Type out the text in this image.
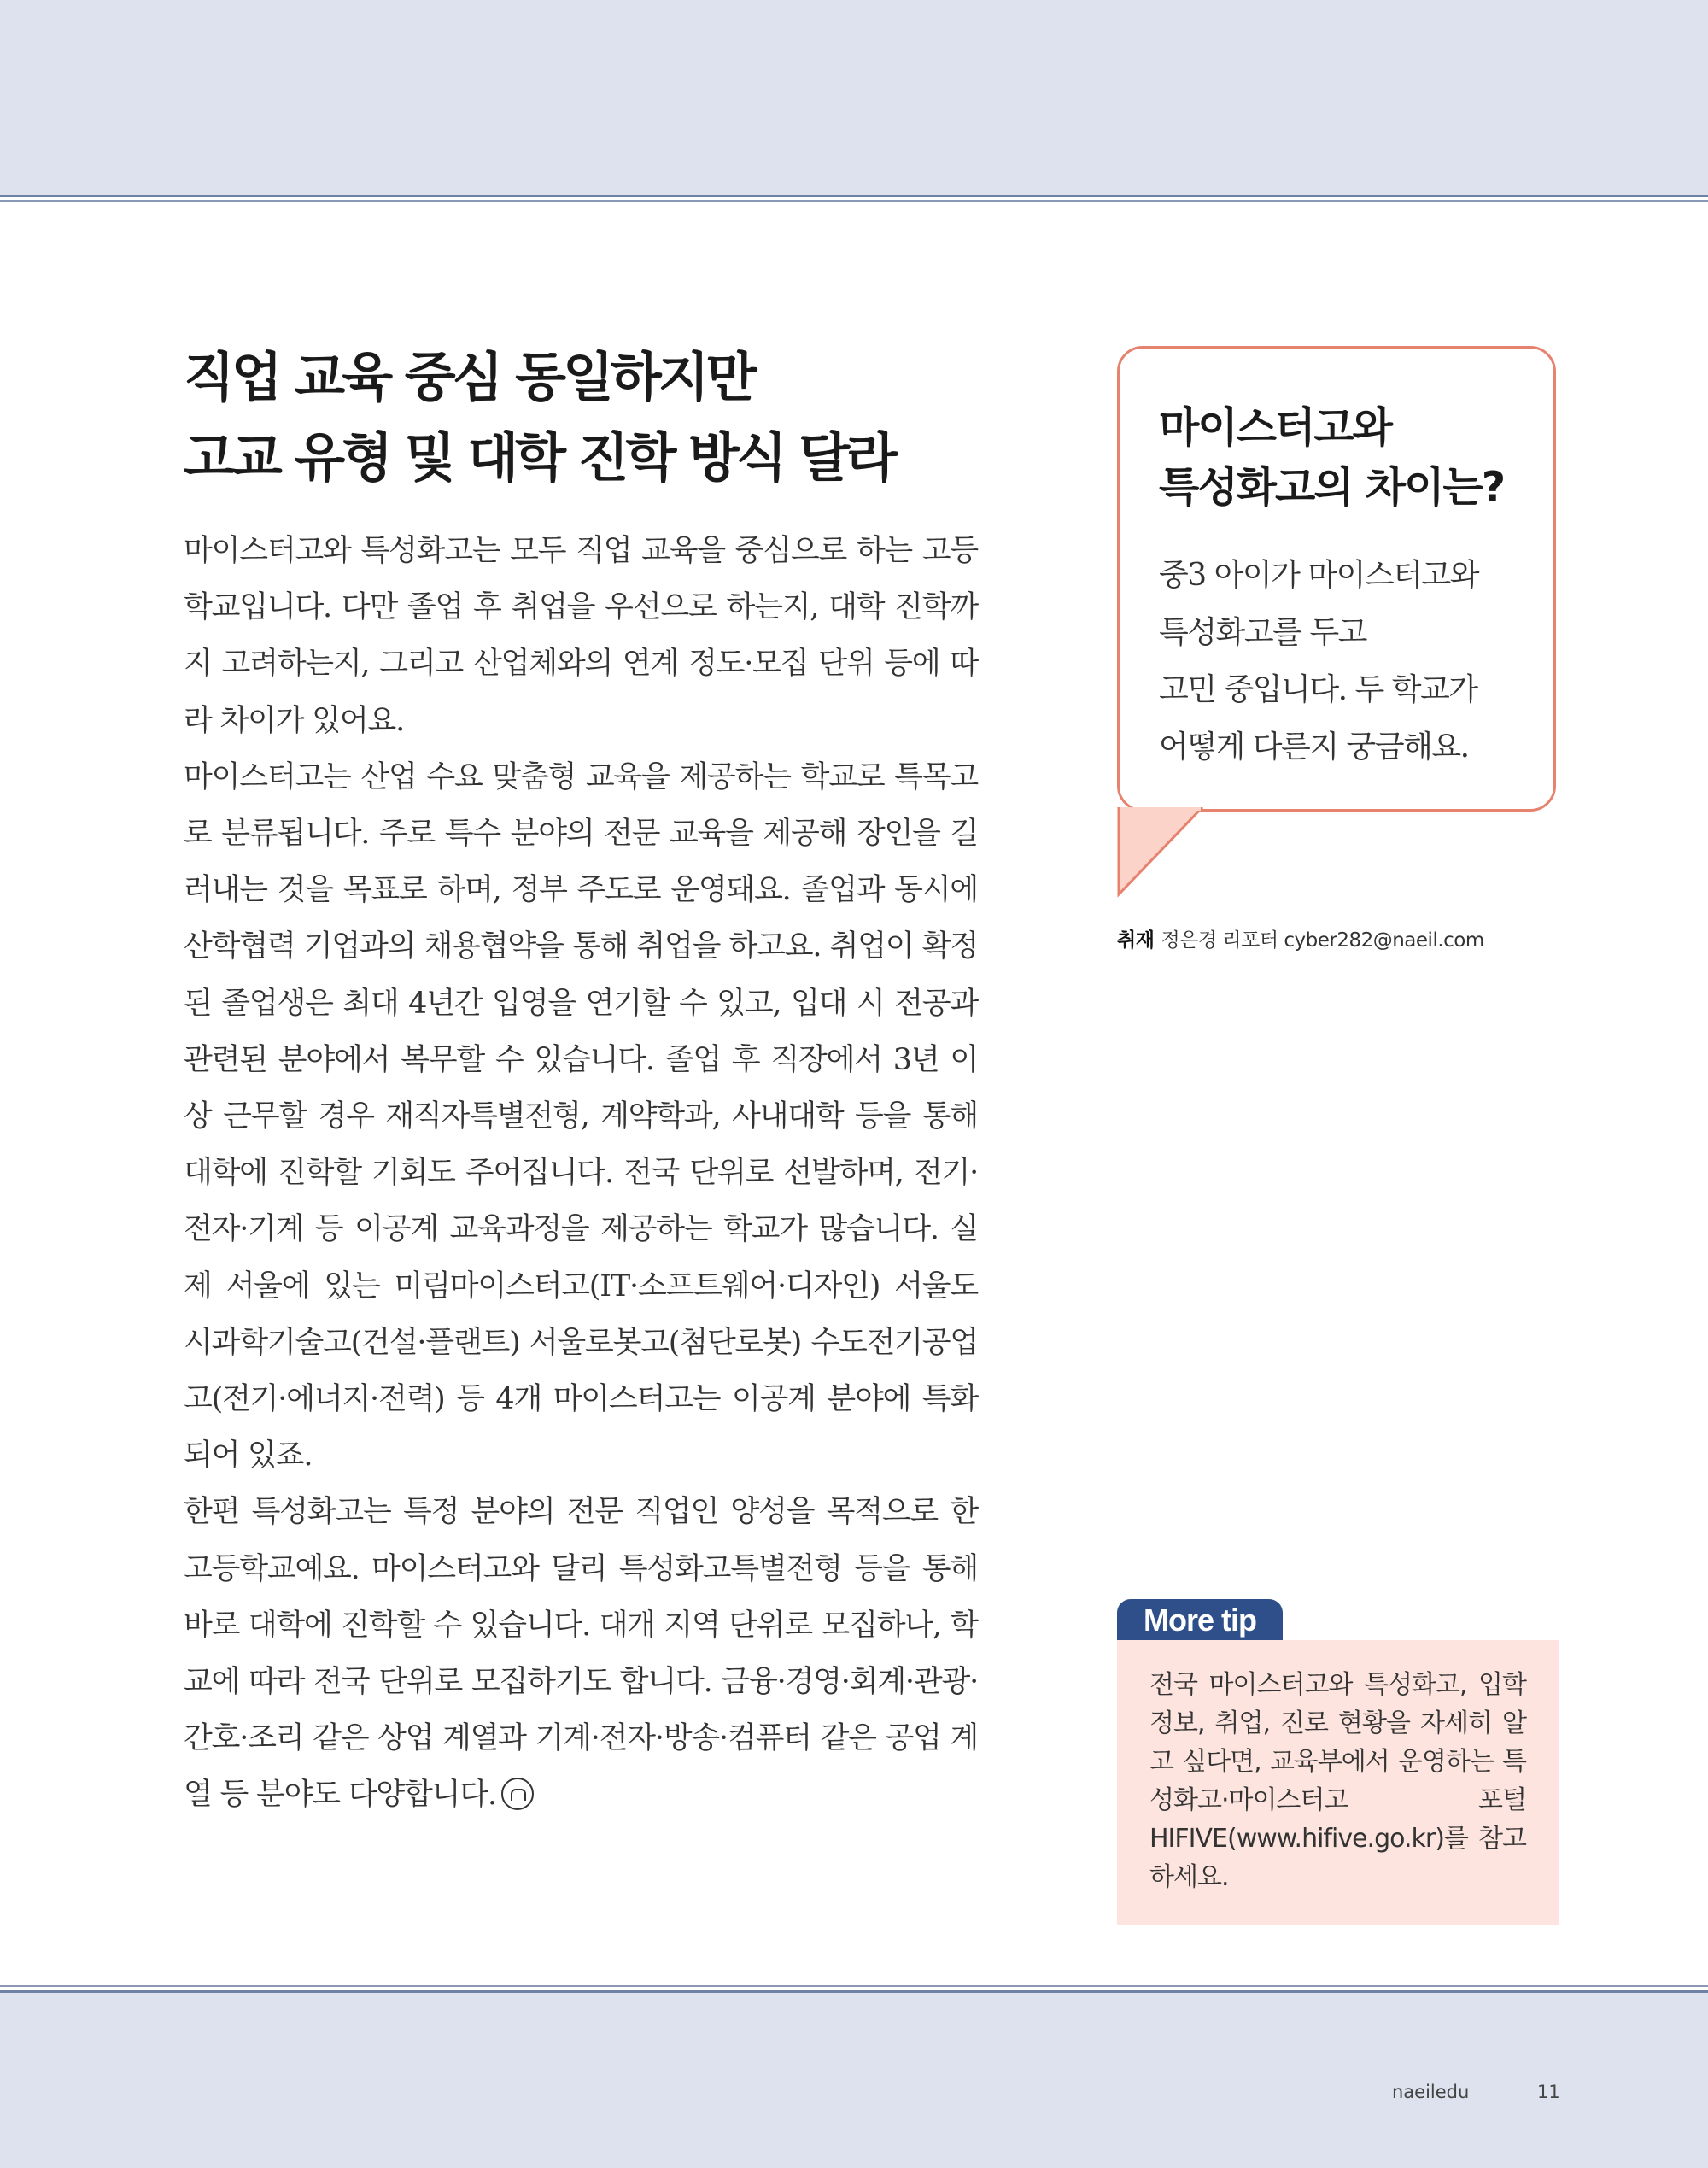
직업 교육 중심 동일하지만
고교 유형 및 대학 진학 방식 달라

마이스터고와 특성화고는 모두 직업 교육을 중심으로 하는 고등학교입니다. 다만 졸업 후 취업을 우선으로 하는지, 대학 진학까지 고려하는지, 그리고 산업체와의 연계 정도·모집 단위 등에 따라 차이가 있어요.

마이스터고는 산업 수요 맞춤형 교육을 제공하는 학교로 특목고로 분류됩니다. 주로 특수 분야의 전문 교육을 제공해 장인을 길러내는 것을 목표로 하며, 정부 주도로 운영돼요. 졸업과 동시에 산학협력 기업과의 채용협약을 통해 취업을 하고요. 취업이 확정된 졸업생은 최대 4년간 입영을 연기할 수 있고, 입대 시 전공과 관련된 분야에서 복무할 수 있습니다. 졸업 후 직장에서 3년 이상 근무할 경우 재직자특별전형, 계약학과, 사내대학 등을 통해 대학에 진학할 기회도 주어집니다. 전국 단위로 선발하며, 전기·전자·기계 등 이공계 교육과정을 제공하는 학교가 많습니다. 실제 서울에 있는 미림마이스터고(IT·소프트웨어·디자인) 서울도시과학기술고(건설·플랜트) 서울로봇고(첨단로봇) 수도전기공업고(전기·에너지·전력) 등 4개 마이스터고는 이공계 분야에 특화되어 있죠.

한편 특성화고는 특정 분야의 전문 직업인 양성을 목적으로 한 고등학교예요. 마이스터고와 달리 특성화고특별전형 등을 통해 바로 대학에 진학할 수 있습니다. 대개 지역 단위로 모집하나, 학교에 따라 전국 단위로 모집하기도 합니다. 금융·경영·회계·관광·간호·조리 같은 상업 계열과 기계·전자·방송·컴퓨터 같은 공업 계열 등 분야도 다양합니다.

마이스터고와
특성화고의 차이는?
중3 아이가 마이스터고와
특성화고를 두고
고민 중입니다. 두 학교가
어떻게 다른지 궁금해요.
취재 정은경 리포터 cyber282@naeil.com
More tip
전국 마이스터고와 특성화고, 입학 정보, 취업, 진로 현황을 자세히 알고 싶다면, 교육부에서 운영하는 특성화고·마이스터고 포털 HIFIVE(www.hifive.go.kr)를 참고하세요.
naeiledu	11
